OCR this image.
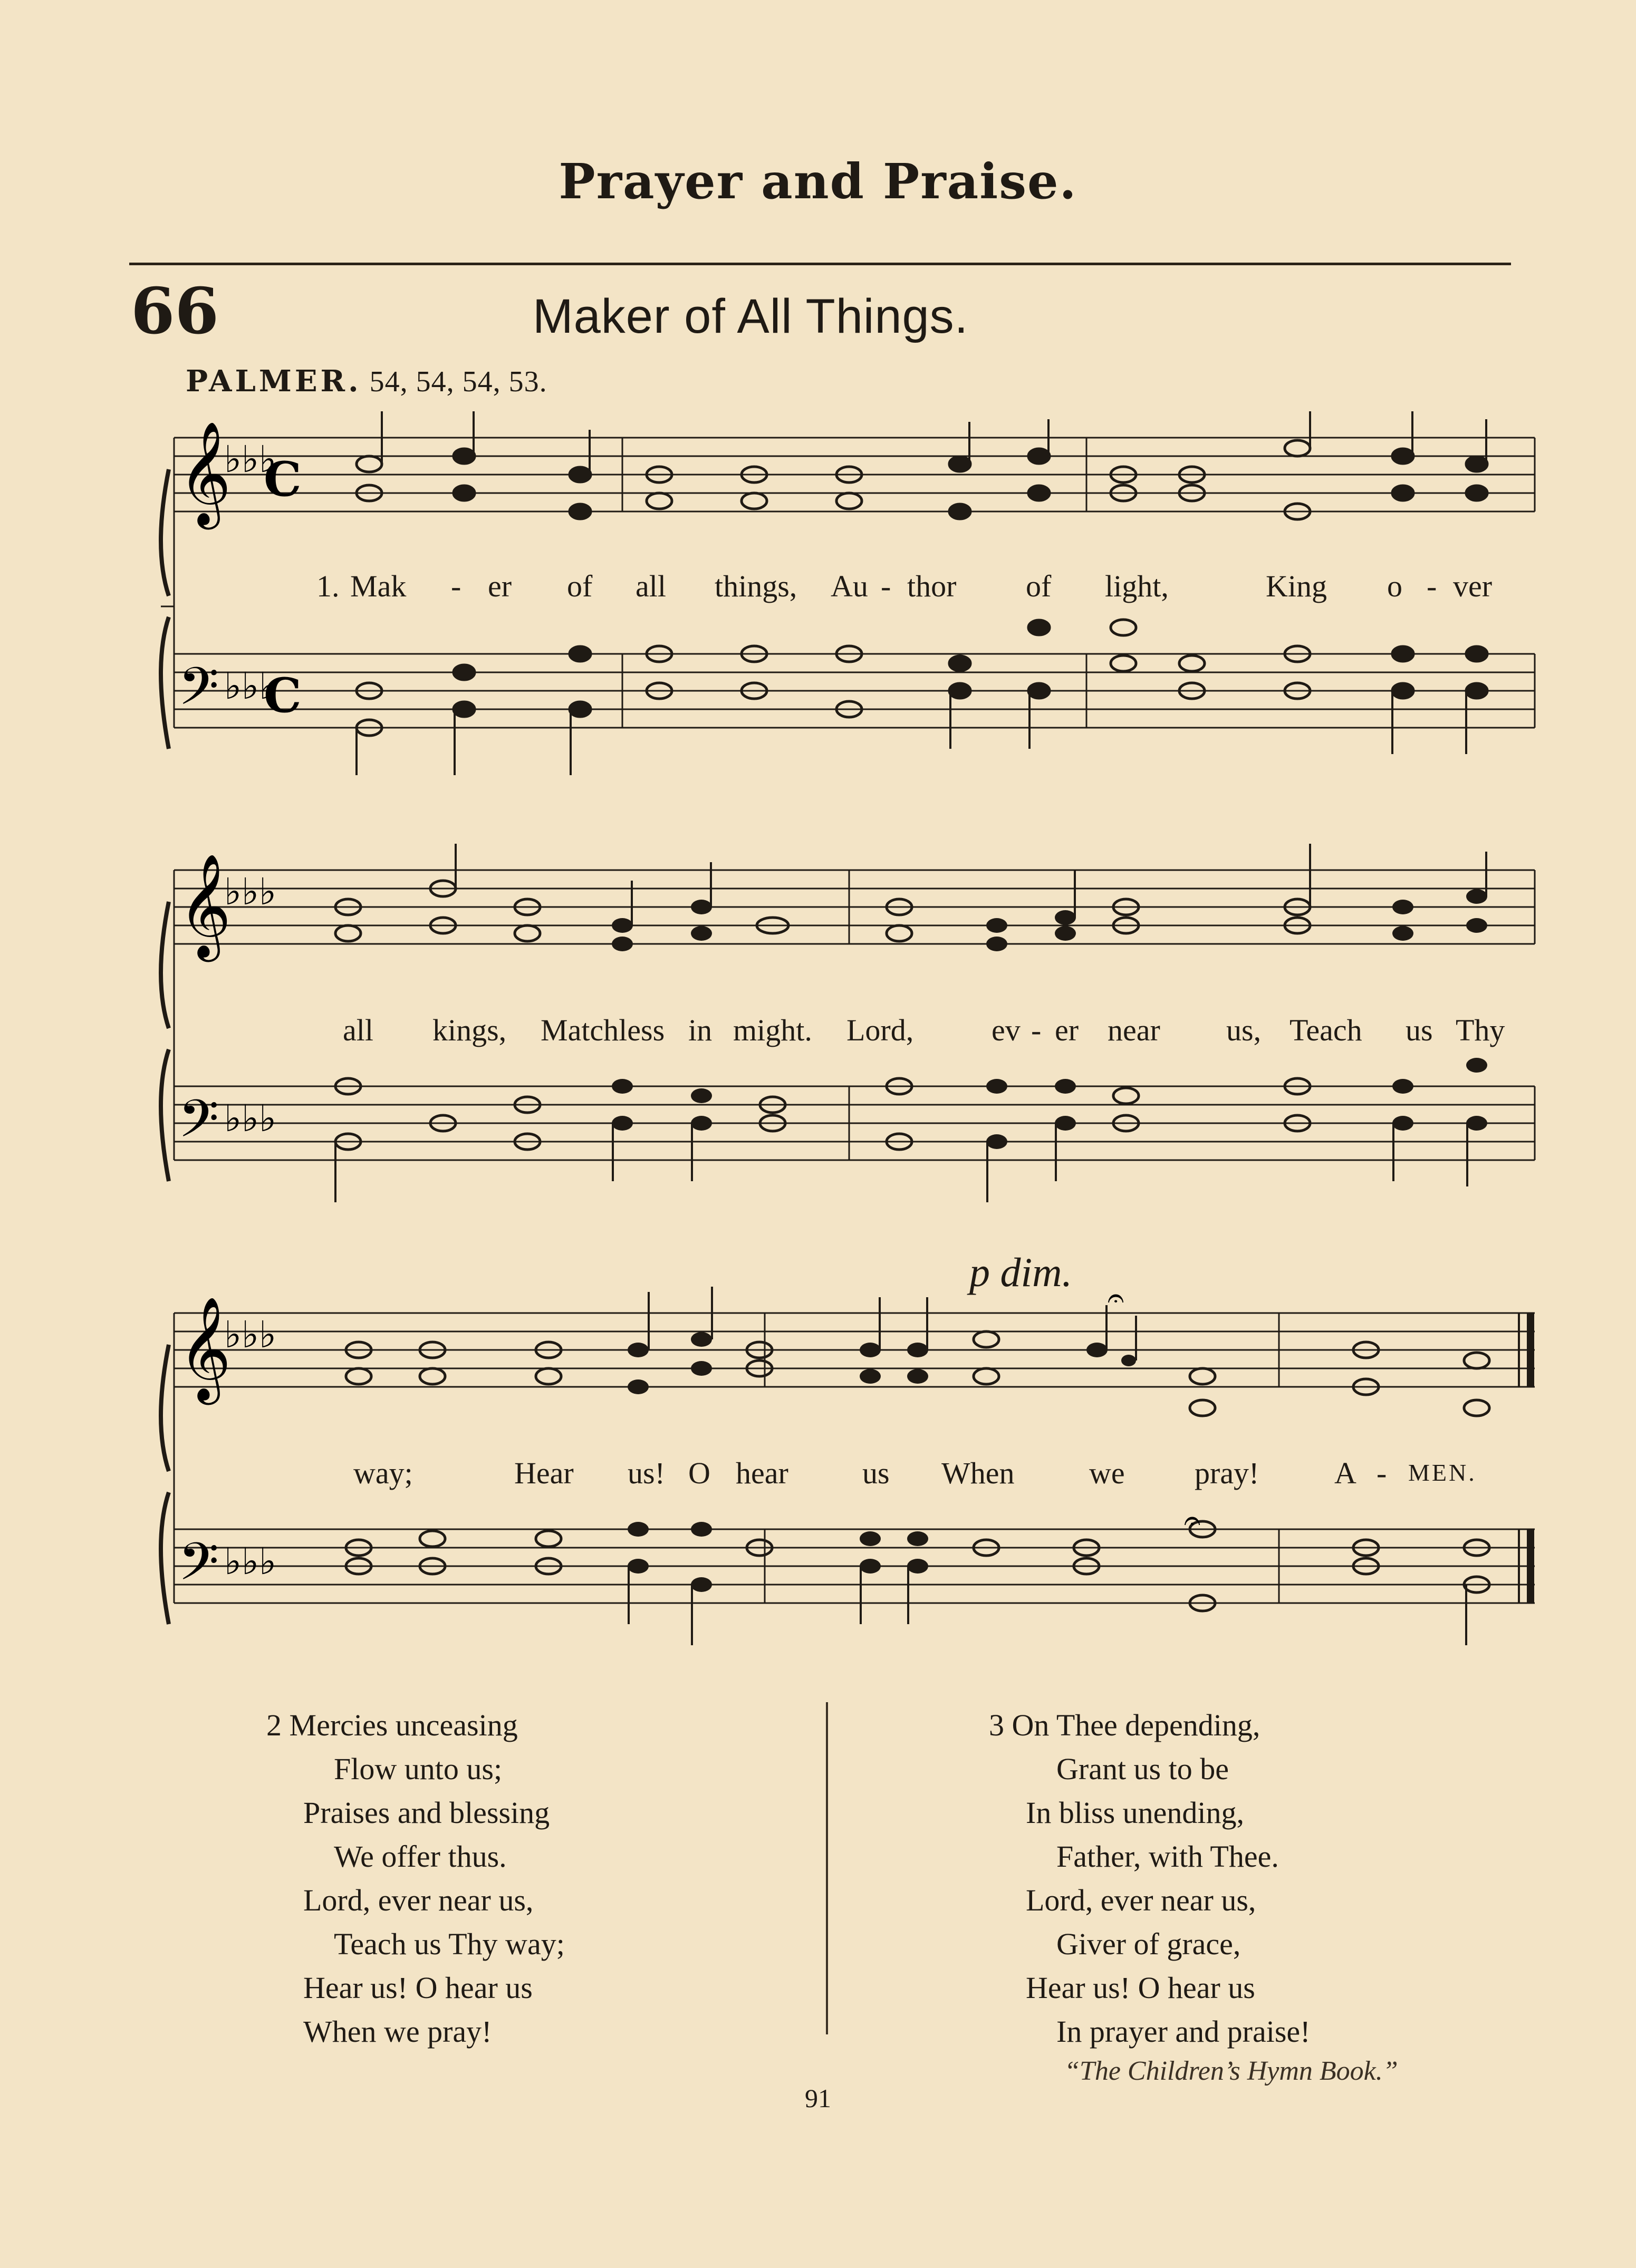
Prayer and Praise.
66	Maker of All Things.
PALMER. 54, 54, 54, 53.
𝄞
♭♭♭
C
𝄢 ♭♭♭
C
1. Mak - er of all things, Au - thor of light,	King o - ver
𝄞
♭♭♭
𝄢 ♭♭♭
all kings, Matchless in might. Lord,	ev - er near us, Teach us Thy
p dim.
𝄞
♭♭♭
𝄢 ♭♭♭
𝄐
𝄐
way;	Hear us! O hear us When we pray! A - MEN.
2 Mercies unceasing
Flow unto us;
Praises and blessing
We offer thus.
Lord, ever near us,
Teach us Thy way;
Hear us! O hear us
When we pray!
3 On Thee depending,
Grant us to be
In bliss unending,
Father, with Thee.
Lord, ever near us,
Giver of grace,
Hear us! O hear us
In prayer and praise!
“The Children’s Hymn Book.”
91
